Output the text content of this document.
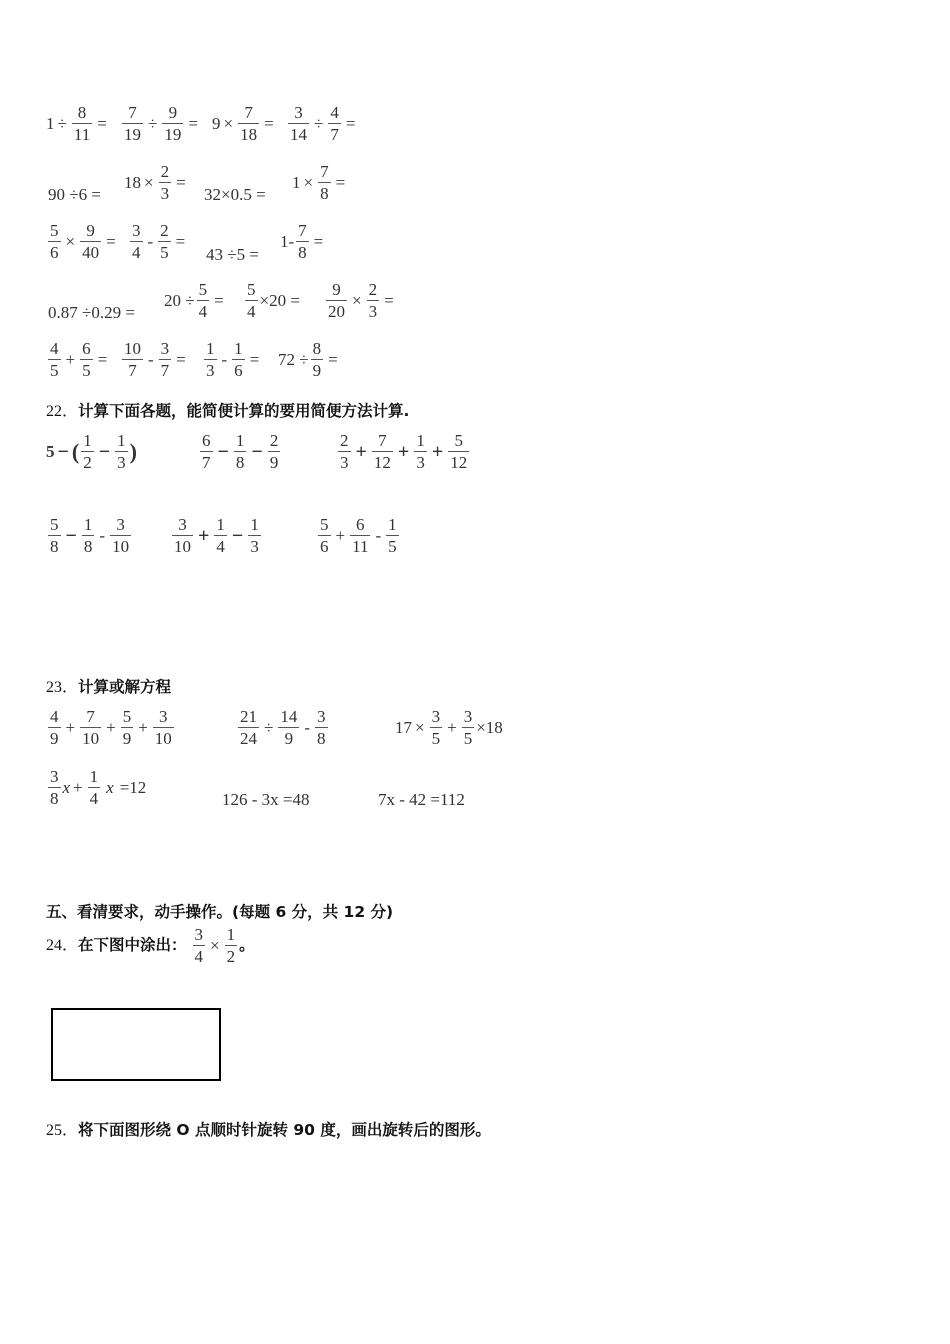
$1 \div \frac{8}{11} = \frac{7}{19} \div \frac{9}{19} = 9 \times \frac{7}{18} = \frac{3}{14} \div \frac{4}{7}$ =
90 ÷6 =
$18 \times \frac{2}{3}$ =
32×0.5 =
$1 \times \frac{7}{8}$ =
$\frac{5}{6} \times \frac{9}{40} = \frac{3}{4} - \frac{2}{5}$ =
43 ÷5 =
$1- \frac{7}{8}$ =
0.87 ÷0.29 =
$20 \div \frac{5}{4} = \frac{5}{4} \times 20 = \frac{9}{20} \times \frac{2}{3}$ =
$\frac{4}{5} + \frac{6}{5} = \frac{10}{7} - \frac{3}{7} = \frac{1}{3} - \frac{1}{6} = 72 \div \frac{8}{9}$ =
22．计算下面各题，能简便计算的要用简便方法计算.
5 − ( $\frac{1}{2} - \frac{1}{3}$ )	$\frac{6}{7} - \frac{1}{8} - \frac{2}{9}$	$\frac{2}{3} + \frac{7}{12} + \frac{1}{3} + \frac{5}{12}$
$\frac{5}{8} - \frac{1}{8} - \frac{3}{10} \frac{3}{10} + \frac{1}{4} - \frac{1}{3}$	$\frac{5}{6} + \frac{6}{11} - \frac{1}{5}$
23．计算或解方程
$\frac{4}{9} + \frac{7}{10} + \frac{5}{9} + \frac{3}{10}$	$\frac{21}{24} \div \frac{14}{9} - \frac{3}{8}$	$17 \times \frac{3}{5} + \frac{3}{5} \times 18$
$\frac{3}{8}$ $x + \frac{1}{4}$ x =12
126 - 3x =48	7x - 42 =112
五、看清要求，动手操作。(每题 6 分，共 12 分)
24．在下图中涂出： $\frac{3}{4} \times \frac{1}{2}$ 。
25．将下面图形绕 O 点顺时针旋转 90 度，画出旋转后的图形。
